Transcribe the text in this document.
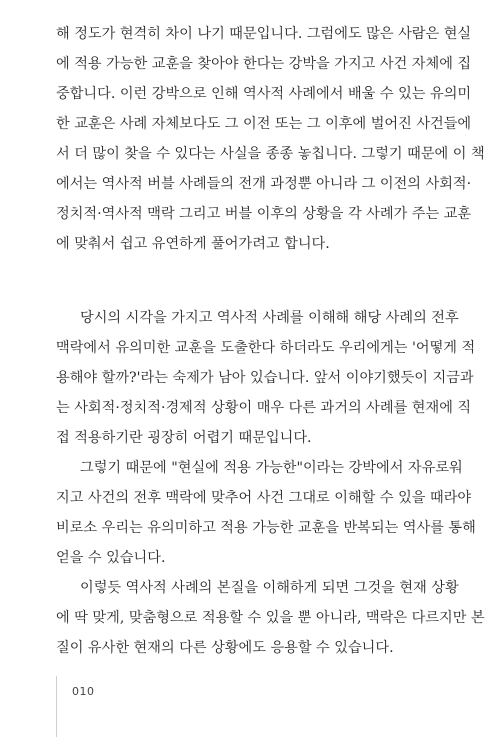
해 정도가 현격히 차이 나기 때문입니다. 그럼에도 많은 사람은 현실
에 적용 가능한 교훈을 찾아야 한다는 강박을 가지고 사건 자체에 집
중합니다. 이런 강박으로 인해 역사적 사례에서 배울 수 있는 유의미
한 교훈은 사례 자체보다도 그 이전 또는 그 이후에 벌어진 사건들에
서 더 많이 찾을 수 있다는 사실을 종종 놓칩니다. 그렇기 때문에 이 책
에서는 역사적 버블 사례들의 전개 과정뿐 아니라 그 이전의 사회적·
정치적·역사적 맥락 그리고 버블 이후의 상황을 각 사례가 주는 교훈
에 맞춰서 쉽고 유연하게 풀어가려고 합니다.
당시의 시각을 가지고 역사적 사례를 이해해 해당 사례의 전후
맥락에서 유의미한 교훈을 도출한다 하더라도 우리에게는 '어떻게 적
용해야 할까?'라는 숙제가 남아 있습니다. 앞서 이야기했듯이 지금과
는 사회적·정치적·경제적 상황이 매우 다른 과거의 사례를 현재에 직
접 적용하기란 굉장히 어렵기 때문입니다.
그렇기 때문에 "현실에 적용 가능한"이라는 강박에서 자유로워
지고 사건의 전후 맥락에 맞추어 사건 그대로 이해할 수 있을 때라야
비로소 우리는 유의미하고 적용 가능한 교훈을 반복되는 역사를 통해
얻을 수 있습니다.
이렇듯 역사적 사례의 본질을 이해하게 되면 그것을 현재 상황
에 딱 맞게, 맞춤형으로 적용할 수 있을 뿐 아니라, 맥락은 다르지만 본
질이 유사한 현재의 다른 상황에도 응용할 수 있습니다.
010
